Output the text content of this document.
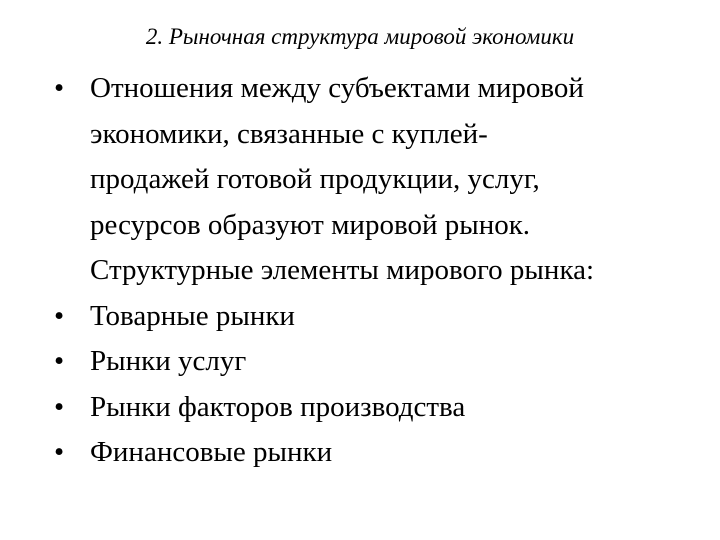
2. Рыночная структура мировой экономики
• Отношения между субъектами мировой
экономики, связанные с куплей-
продажей готовой продукции, услуг,
ресурсов образуют мировой рынок.
Структурные элементы мирового рынка:
• Товарные рынки
• Рынки услуг
• Рынки факторов производства
• Финансовые рынки
